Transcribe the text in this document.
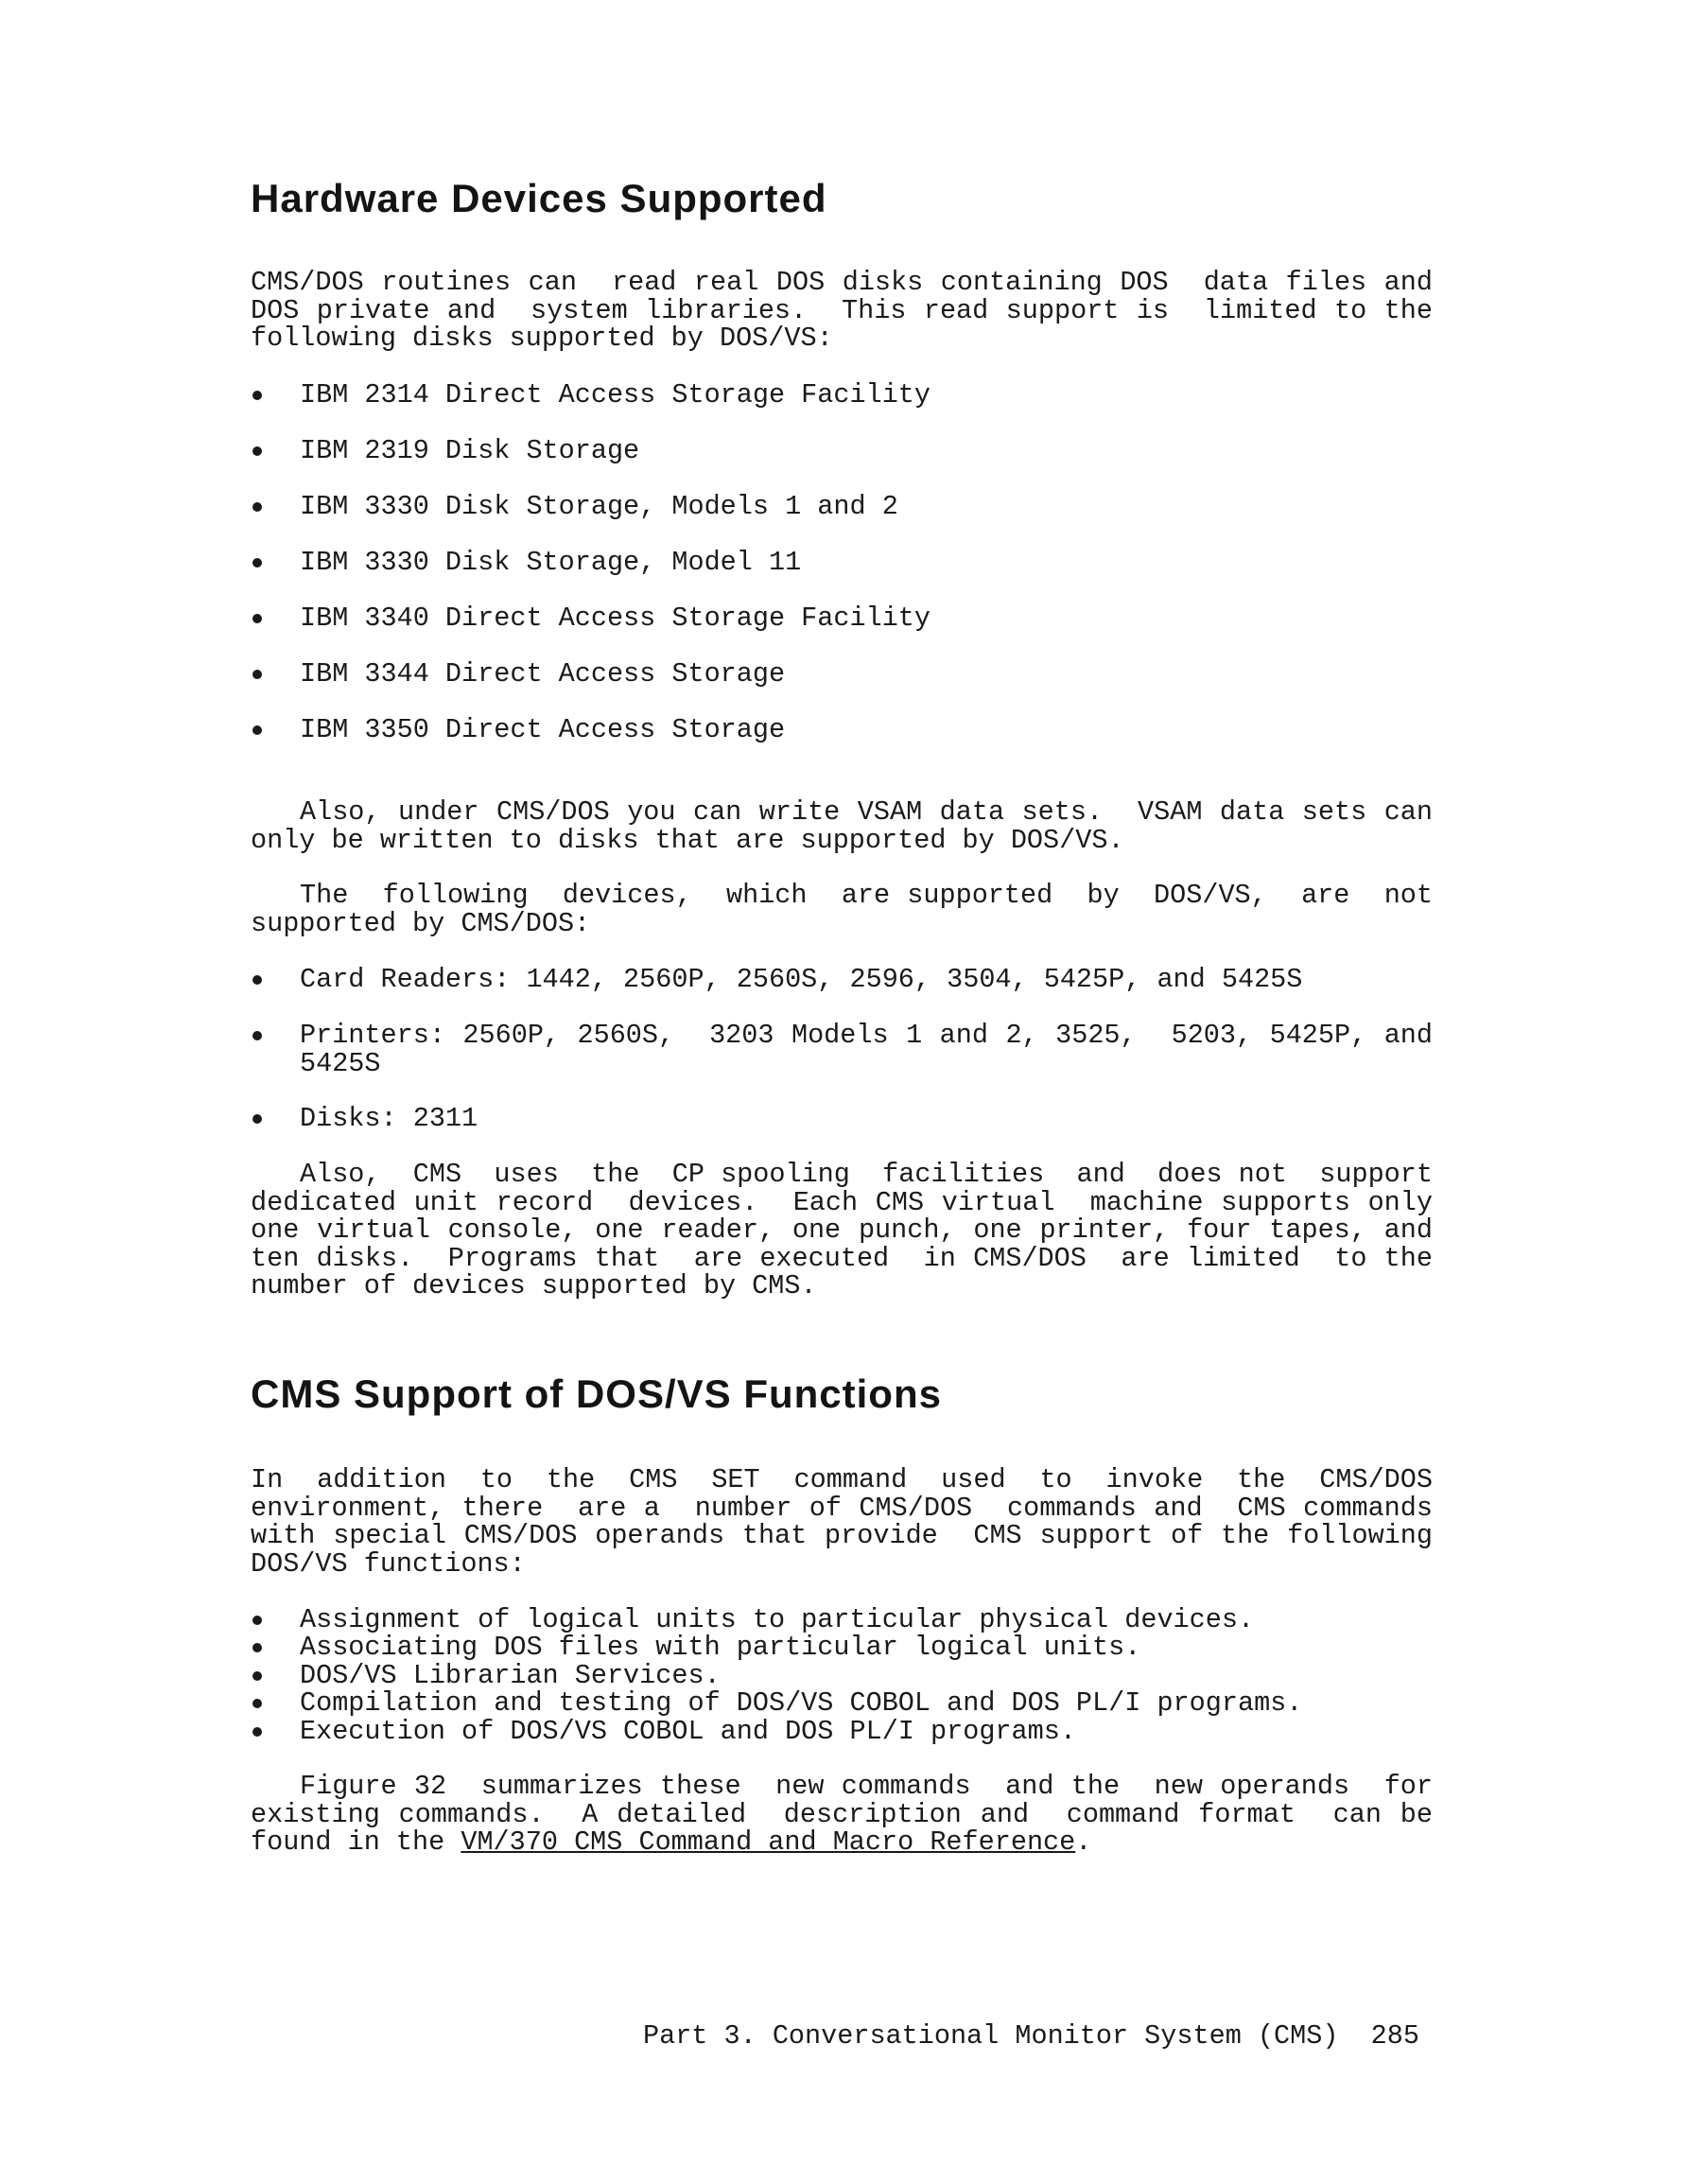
Hardware Devices Supported
CMS/DOS routines can  read real DOS disks containing DOS  data files and
DOS private and  system libraries.  This read support is  limited to the
following disks supported by DOS/VS:
IBM 2314 Direct Access Storage Facility
IBM 2319 Disk Storage
IBM 3330 Disk Storage, Models 1 and 2
IBM 3330 Disk Storage, Model 11
IBM 3340 Direct Access Storage Facility
IBM 3344 Direct Access Storage
IBM 3350 Direct Access Storage
Also, under CMS/DOS you can write VSAM data sets.  VSAM data sets can
only be written to disks that are supported by DOS/VS.
The  following  devices,  which  are supported  by  DOS/VS,  are  not
supported by CMS/DOS:
Card Readers: 1442, 2560P, 2560S, 2596, 3504, 5425P, and 5425S
Printers: 2560P, 2560S,  3203 Models 1 and 2, 3525,  5203, 5425P, and
5425S
Disks: 2311
Also,  CMS  uses  the  CP spooling  facilities  and  does not  support
dedicated unit record  devices.  Each CMS virtual  machine supports only
one virtual console, one reader, one punch, one printer, four tapes, and
ten disks.  Programs that  are executed  in CMS/DOS  are limited  to the
number of devices supported by CMS.
CMS Support of DOS/VS Functions
In  addition  to  the  CMS  SET  command  used  to  invoke  the  CMS/DOS
environment, there  are a  number of CMS/DOS  commands and  CMS commands
with special CMS/DOS operands that provide  CMS support of the following
DOS/VS functions:
Assignment of logical units to particular physical devices.
Associating DOS files with particular logical units.
DOS/VS Librarian Services.
Compilation and testing of DOS/VS COBOL and DOS PL/I programs.
Execution of DOS/VS COBOL and DOS PL/I programs.
Figure 32  summarizes these  new commands  and the  new operands  for
existing commands.  A detailed  description and  command format  can be
found in the VM/370 CMS Command and Macro Reference.
Part 3. Conversational Monitor System (CMS)  285
